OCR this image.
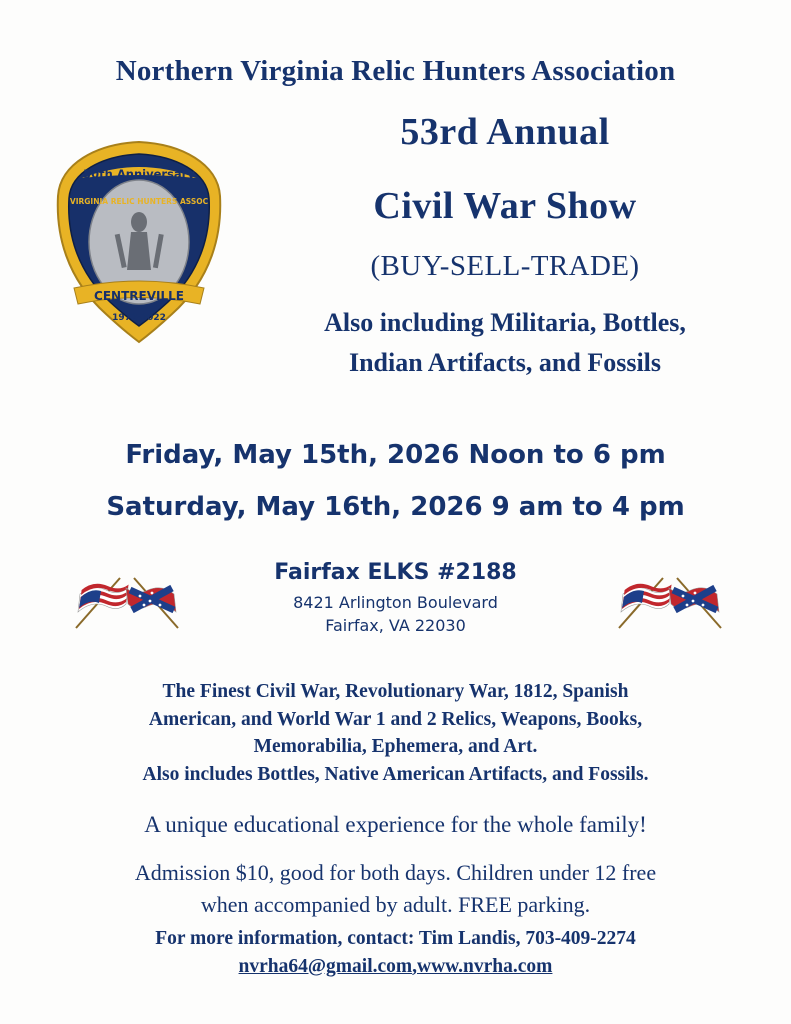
Northern Virginia Relic Hunters Association
50th Anniversary
VIRGINIA RELIC HUNTERS ASSOC
CENTREVILLE
1972-2022
53rd Annual
Civil War Show
(BUY-SELL-TRADE)
Also including Militaria, Bottles,
Indian Artifacts, and Fossils
Friday, May 15th, 2026 Noon to 6 pm
Saturday, May 16th, 2026 9 am to 4 pm
Fairfax ELKS #2188
8421 Arlington Boulevard
Fairfax, VA 22030
The Finest Civil War, Revolutionary War, 1812, Spanish
American, and World War 1 and 2 Relics, Weapons, Books,
Memorabilia, Ephemera, and Art.
Also includes Bottles, Native American Artifacts, and Fossils.
A unique educational experience for the whole family!
Admission $10, good for both days. Children under 12 free
when accompanied by adult. FREE parking.
For more information, contact: Tim Landis, 703-409-2274
nvrha64@gmail.com,www.nvrha.com
